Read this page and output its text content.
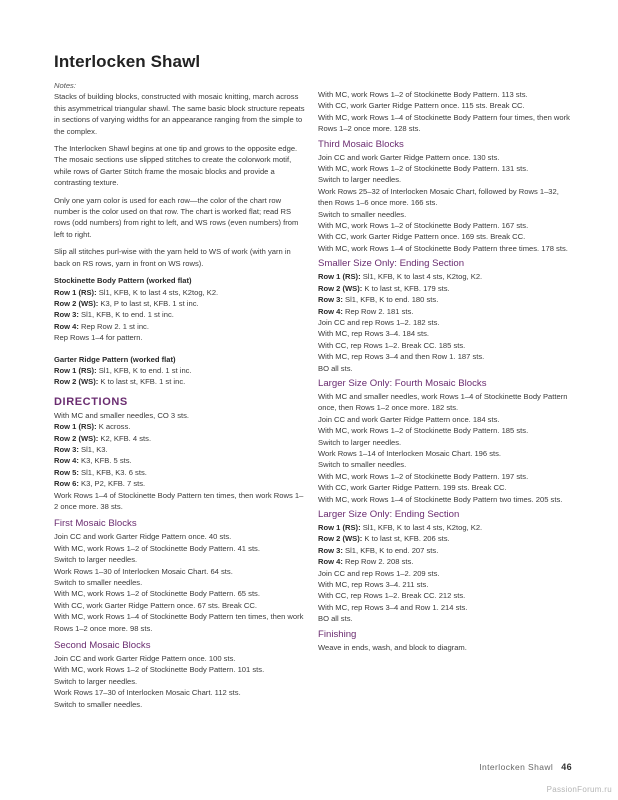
Interlocken Shawl

Notes:

Stacks of building blocks, constructed with mosaic knitting, march across this asymmetrical triangular shawl. The same basic block structure repeats in sections of varying widths for an appearance ranging from the simple to the complex.

The Interlocken Shawl begins at one tip and grows to the opposite edge. The mosaic sections use slipped stitches to create the colorwork motif, while rows of Garter Stitch frame the mosaic blocks and provide a contrasting texture.

Only one yarn color is used for each row—the color of the chart row number is the color used on that row. The chart is worked flat; read RS rows (odd numbers) from right to left, and WS rows (even numbers) from left to right.

Slip all stitches purl-wise with the yarn held to WS of work (with yarn in back on RS rows, yarn in front on WS rows).

Stockinette Body Pattern (worked flat)

Row 1 (RS): Sl1, KFB, K to last 4 sts, K2tog, K2.

Row 2 (WS): K3, P to last st, KFB. 1 st inc.

Row 3: Sl1, KFB, K to end. 1 st inc.

Row 4: Rep Row 2. 1 st inc.

Rep Rows 1–4 for pattern.

Garter Ridge Pattern (worked flat)

Row 1 (RS): Sl1, KFB, K to end. 1 st inc.

Row 2 (WS): K to last st, KFB. 1 st inc.

DIRECTIONS

With MC and smaller needles, CO 3 sts.

Row 1 (RS): K across.

Row 2 (WS): K2, KFB. 4 sts.

Row 3: Sl1, K3.

Row 4: K3, KFB. 5 sts.

Row 5: Sl1, KFB, K3. 6 sts.

Row 6: K3, P2, KFB. 7 sts.

Work Rows 1–4 of Stockinette Body Pattern ten times, then work Rows 1–2 once more. 38 sts.

First Mosaic Blocks

Join CC and work Garter Ridge Pattern once. 40 sts.

With MC, work Rows 1–2 of Stockinette Body Pattern. 41 sts.

Switch to larger needles.

Work Rows 1–30 of Interlocken Mosaic Chart. 64 sts.

Switch to smaller needles.

With MC, work Rows 1–2 of Stockinette Body Pattern. 65 sts.

With CC, work Garter Ridge Pattern once. 67 sts. Break CC.

With MC, work Rows 1–4 of Stockinette Body Pattern ten times, then work Rows 1–2 once more. 98 sts.

Second Mosaic Blocks

Join CC and work Garter Ridge Pattern once. 100 sts.

With MC, work Rows 1–2 of Stockinette Body Pattern. 101 sts.

Switch to larger needles.

Work Rows 17–30 of Interlocken Mosaic Chart. 112 sts.

Switch to smaller needles.

With MC, work Rows 1–2 of Stockinette Body Pattern. 113 sts.

With CC, work Garter Ridge Pattern once. 115 sts. Break CC.

With MC, work Rows 1–4 of Stockinette Body Pattern four times, then work Rows 1–2 once more. 128 sts.

Third Mosaic Blocks

Join CC and work Garter Ridge Pattern once. 130 sts.

With MC, work Rows 1–2 of Stockinette Body Pattern. 131 sts.

Switch to larger needles.

Work Rows 25–32 of Interlocken Mosaic Chart, followed by Rows 1–32, then Rows 1–6 once more. 166 sts.

Switch to smaller needles.

With MC, work Rows 1–2 of Stockinette Body Pattern. 167 sts.

With CC, work Garter Ridge Pattern once. 169 sts. Break CC.

With MC, work Rows 1–4 of Stockinette Body Pattern three times. 178 sts.

Smaller Size Only: Ending Section

Row 1 (RS): Sl1, KFB, K to last 4 sts, K2tog, K2.

Row 2 (WS): K to last st, KFB. 179 sts.

Row 3: Sl1, KFB, K to end. 180 sts.

Row 4: Rep Row 2. 181 sts.

Join CC and rep Rows 1–2. 182 sts.

With MC, rep Rows 3–4. 184 sts.

With CC, rep Rows 1–2. Break CC. 185 sts.

With MC, rep Rows 3–4 and then Row 1. 187 sts.

BO all sts.

Larger Size Only: Fourth Mosaic Blocks

With MC and smaller needles, work Rows 1–4 of Stockinette Body Pattern once, then Rows 1–2 once more. 182 sts.

Join CC and work Garter Ridge Pattern once. 184 sts.

With MC, work Rows 1–2 of Stockinette Body Pattern. 185 sts.

Switch to larger needles.

Work Rows 1–14 of Interlocken Mosaic Chart. 196 sts.

Switch to smaller needles.

With MC, work Rows 1–2 of Stockinette Body Pattern. 197 sts.

With CC, work Garter Ridge Pattern. 199 sts. Break CC.

With MC, work Rows 1–4 of Stockinette Body Pattern two times. 205 sts.

Larger Size Only: Ending Section

Row 1 (RS): Sl1, KFB, K to last 4 sts, K2tog, K2.

Row 2 (WS): K to last st, KFB. 206 sts.

Row 3: Sl1, KFB, K to end. 207 sts.

Row 4: Rep Row 2. 208 sts.

Join CC and rep Rows 1–2. 209 sts.

With MC, rep Rows 3–4. 211 sts.

With CC, rep Rows 1–2. Break CC. 212 sts.

With MC, rep Rows 3–4 and Row 1. 214 sts.

BO all sts.

Finishing

Weave in ends, wash, and block to diagram.

Interlocken Shawl 46
PassionForum.ru
